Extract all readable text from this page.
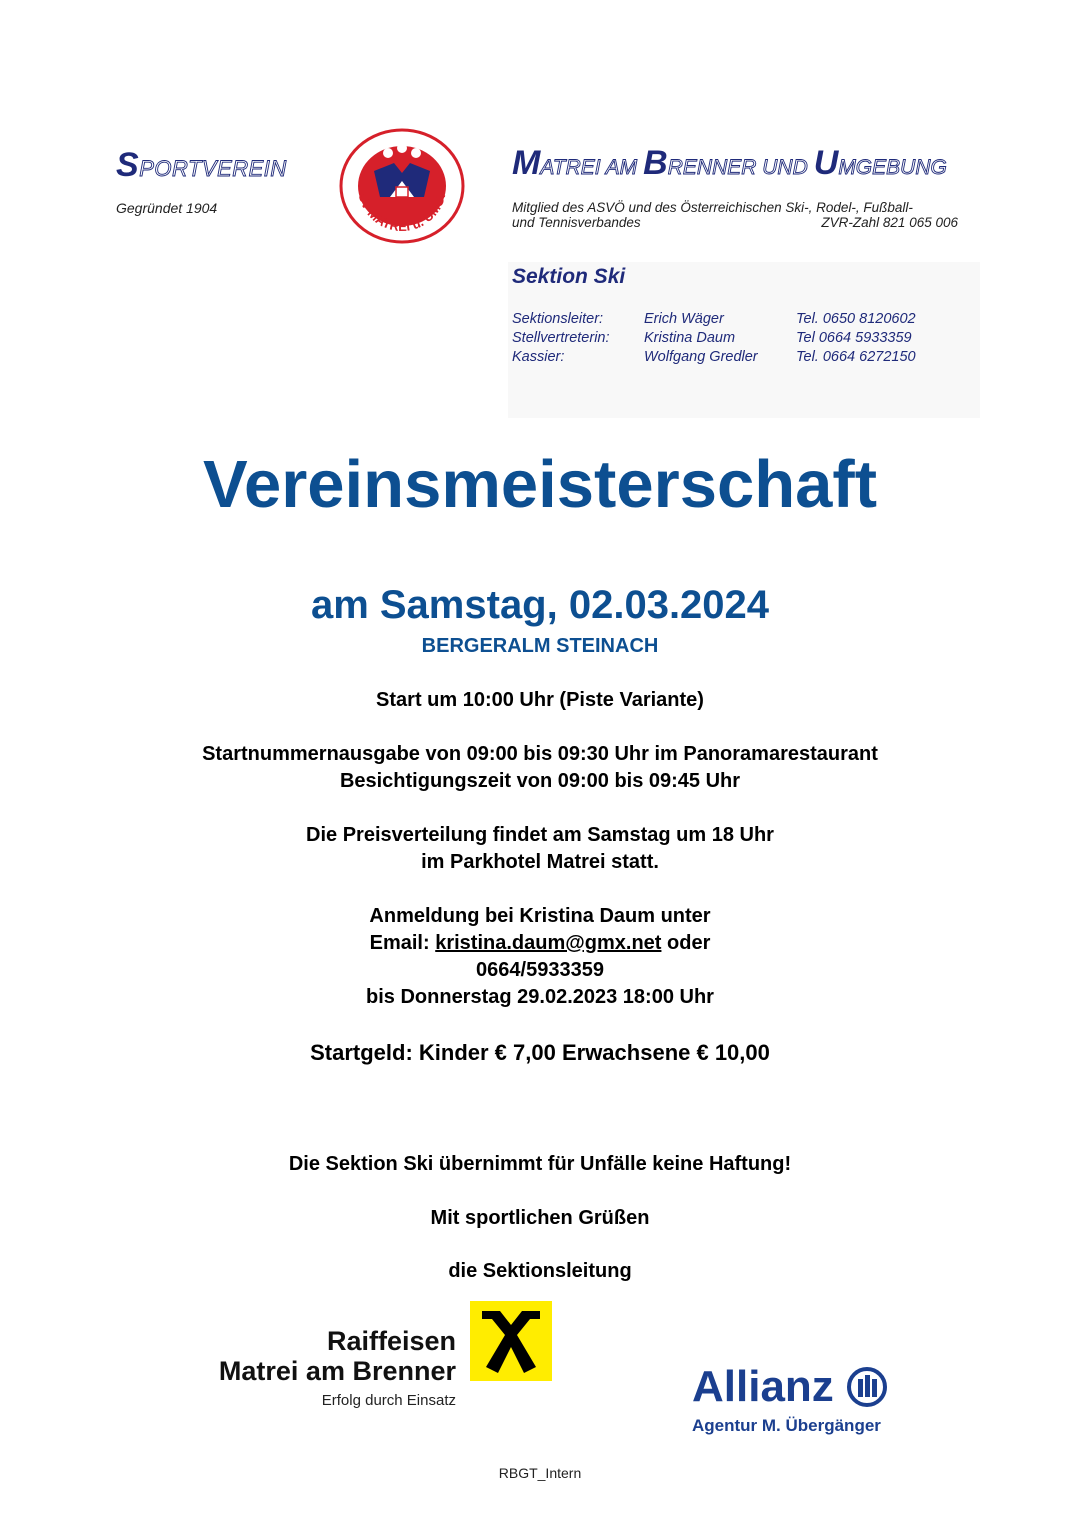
SPORTVEREIN
Gegründet 1904
SV MATREI u. UMG.
MATREI AM BRENNER UND UMGEBUNG
Mitglied des ASVÖ und des Österreichischen Ski-, Rodel-, Fußball-
und Tennisverbandes	ZVR-Zahl 821 065 006
Sektion Ski
Sektionsleiter:	Erich Wäger	Tel. 0650 8120602
Stellvertreterin:	Kristina Daum	Tel 0664 5933359
Kassier:	Wolfgang Gredler	Tel. 0664 6272150
Vereinsmeisterschaft
am Samstag, 02.03.2024
BERGERALM STEINACH
Start um 10:00 Uhr (Piste Variante)
Startnummernausgabe von 09:00 bis 09:30 Uhr im Panoramarestaurant
Besichtigungszeit von 09:00 bis 09:45 Uhr
Die Preisverteilung findet am Samstag um 18 Uhr
im Parkhotel Matrei statt.
Anmeldung bei Kristina Daum unter
Email: kristina.daum@gmx.net oder
0664/5933359
bis Donnerstag 29.02.2023 18:00 Uhr
Startgeld: Kinder € 7,00 Erwachsene € 10,00
Die Sektion Ski übernimmt für Unfälle keine Haftung!
Mit sportlichen Grüßen
die Sektionsleitung
Raiffeisen
Matrei am Brenner
Erfolg durch Einsatz	Allianz
Agentur M. Übergänger
RBGT_Intern
